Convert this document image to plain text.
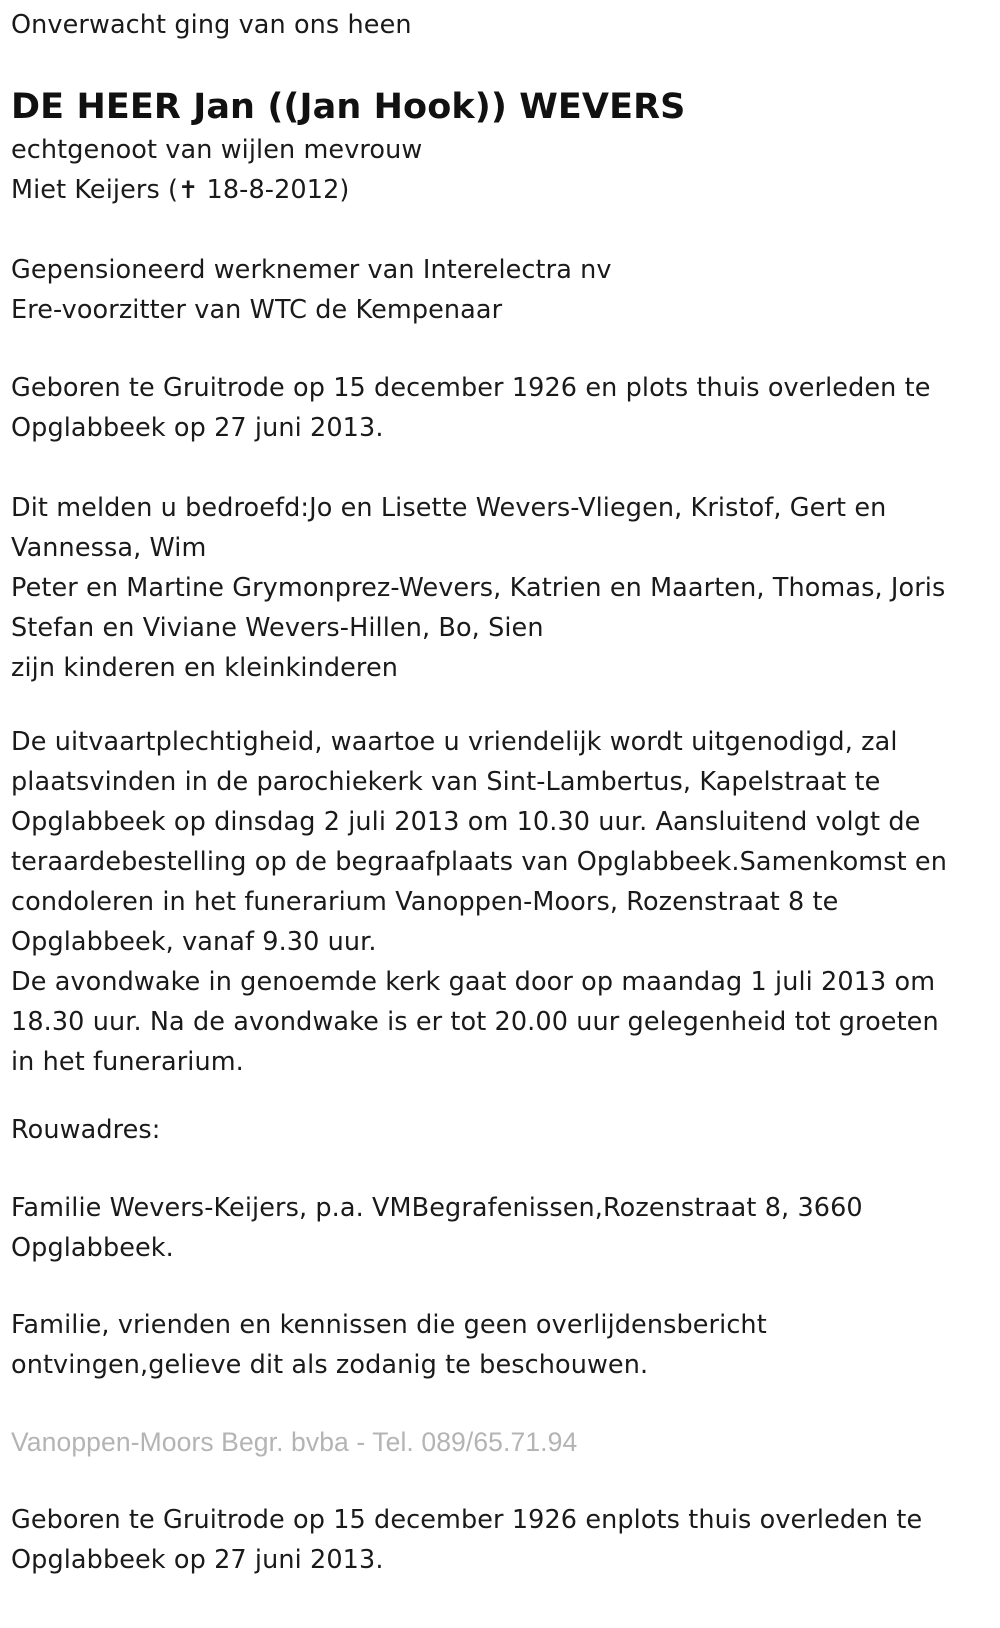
Onverwacht ging van ons heen
DE HEER Jan ((Jan Hook)) WEVERS
echtgenoot van wijlen mevrouw
Miet Keijers (✝ 18-8-2012)
Gepensioneerd werknemer van Interelectra nv
Ere-voorzitter van WTC de Kempenaar
Geboren te Gruitrode op 15 december 1926 en plots thuis overleden te
Opglabbeek op 27 juni 2013.
Dit melden u bedroefd:Jo en Lisette Wevers-Vliegen, Kristof, Gert en
Vannessa, Wim
Peter en Martine Grymonprez-Wevers, Katrien en Maarten, Thomas, Joris
Stefan en Viviane Wevers-Hillen, Bo, Sien
zijn kinderen en kleinkinderen
De uitvaartplechtigheid, waartoe u vriendelijk wordt uitgenodigd, zal
plaatsvinden in de parochiekerk van Sint-Lambertus, Kapelstraat te
Opglabbeek op dinsdag 2 juli 2013 om 10.30 uur. Aansluitend volgt de
teraardebestelling op de begraafplaats van Opglabbeek.Samenkomst en
condoleren in het funerarium Vanoppen-Moors, Rozenstraat 8 te
Opglabbeek, vanaf 9.30 uur.
De avondwake in genoemde kerk gaat door op maandag 1 juli 2013 om
18.30 uur. Na de avondwake is er tot 20.00 uur gelegenheid tot groeten
in het funerarium.
Rouwadres:
Familie Wevers-Keijers, p.a. VMBegrafenissen,Rozenstraat 8, 3660
Opglabbeek.
Familie, vrienden en kennissen die geen overlijdensbericht
ontvingen,gelieve dit als zodanig te beschouwen.
Vanoppen-Moors Begr. bvba - Tel. 089/65.71.94
Geboren te Gruitrode op 15 december 1926 enplots thuis overleden te
Opglabbeek op 27 juni 2013.
